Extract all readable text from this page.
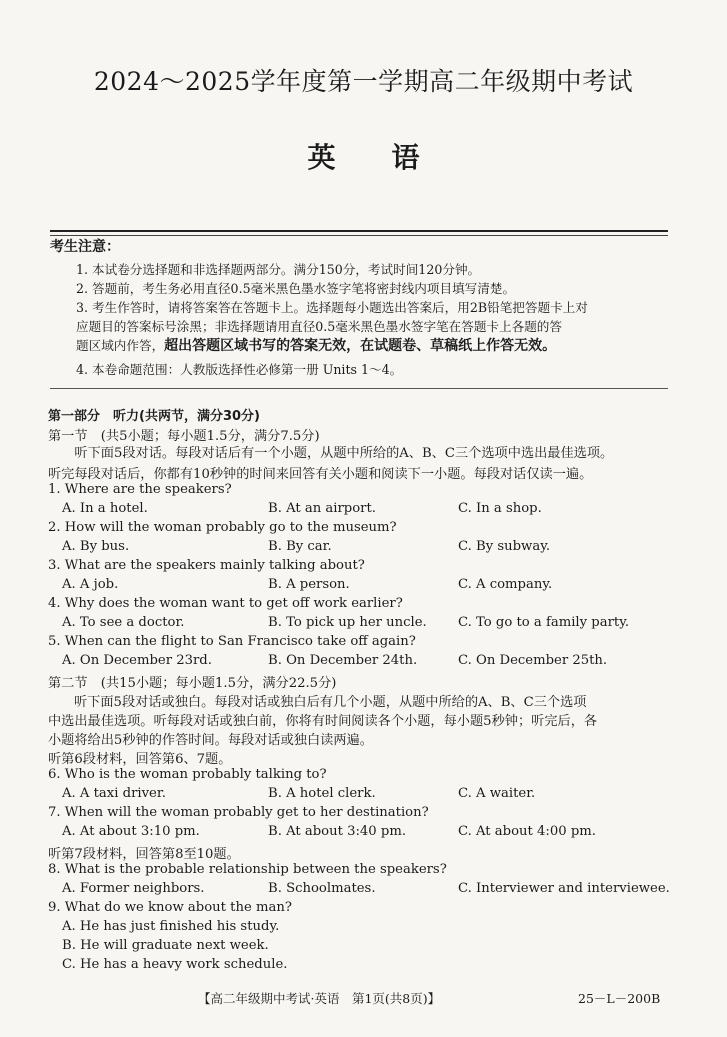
2024～2025学年度第一学期高二年级期中考试
英语
考生注意：
1. 本试卷分选择题和非选择题两部分。满分150分，考试时间120分钟。
2. 答题前，考生务必用直径0.5毫米黑色墨水签字笔将密封线内项目填写清楚。
3. 考生作答时，请将答案答在答题卡上。选择题每小题选出答案后，用2B铅笔把答题卡上对
应题目的答案标号涂黑；非选择题请用直径0.5毫米黑色墨水签字笔在答题卡上各题的答
题区域内作答，超出答题区域书写的答案无效，在试题卷、草稿纸上作答无效。
4. 本卷命题范围：人教版选择性必修第一册 Units 1～4。
第一部分　听力(共两节，满分30分)
第一节　(共5小题；每小题1.5分，满分7.5分)
听下面5段对话。每段对话后有一个小题，从题中所给的A、B、C三个选项中选出最佳选项。
听完每段对话后，你都有10秒钟的时间来回答有关小题和阅读下一小题。每段对话仅读一遍。
1. Where are the speakers?
A. In a hotel.	B. At an airport.	C. In a shop.
2. How will the woman probably go to the museum?
A. By bus.	B. By car.	C. By subway.
3. What are the speakers mainly talking about?
A. A job.	B. A person.	C. A company.
4. Why does the woman want to get off work earlier?
A. To see a doctor.	B. To pick up her uncle. C. To go to a family party.
5. When can the flight to San Francisco take off again?
A. On December 23rd.	B. On December 24th.	C. On December 25th.
第二节　(共15小题；每小题1.5分，满分22.5分)
听下面5段对话或独白。每段对话或独白后有几个小题，从题中所给的A、B、C三个选项
中选出最佳选项。听每段对话或独白前，你将有时间阅读各个小题，每小题5秒钟；听完后，各
小题将给出5秒钟的作答时间。每段对话或独白读两遍。
听第6段材料，回答第6、7题。
6. Who is the woman probably talking to?
A. A taxi driver.	B. A hotel clerk.	C. A waiter.
7. When will the woman probably get to her destination?
A. At about 3:10 pm.	B. At about 3:40 pm.	C. At about 4:00 pm.
听第7段材料，回答第8至10题。
8. What is the probable relationship between the speakers?
A. Former neighbors.	B. Schoolmates.	C. Interviewer and interviewee.
9. What do we know about the man?
A. He has just finished his study.
B. He will graduate next week.
C. He has a heavy work schedule.
【高二年级期中考试·英语　第1页(共8页)】	25－L－200B
